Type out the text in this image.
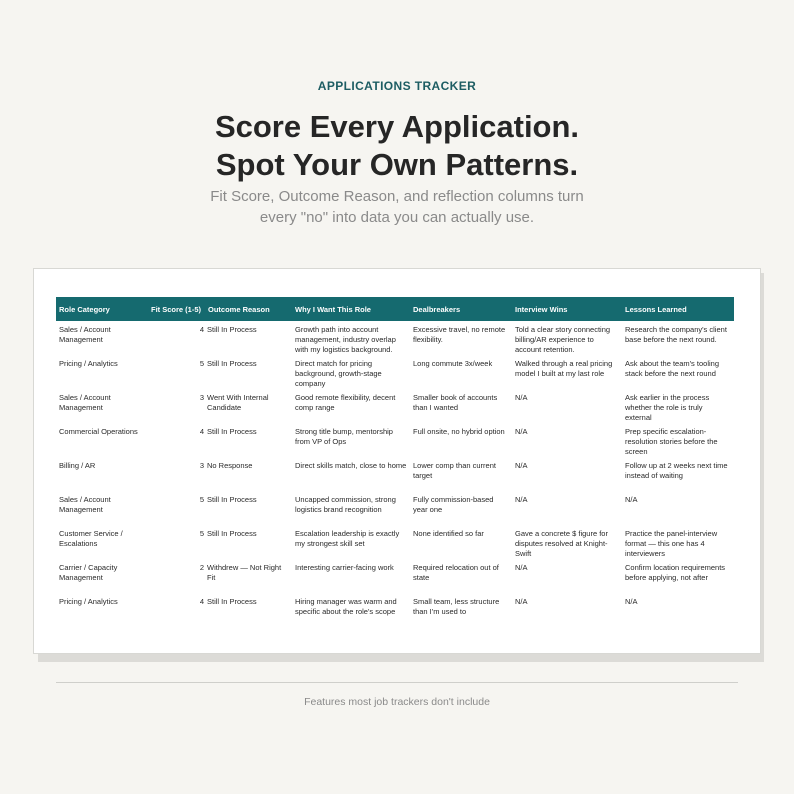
APPLICATIONS TRACKER
Score Every Application.
Spot Your Own Patterns.
Fit Score, Outcome Reason, and reflection columns turn
every "no" into data you can actually use.
Role Category	Fit Score (1-5)	Outcome Reason	Why I Want This Role	Dealbreakers	Interview Wins	Lessons Learned
Sales / Account Management	4	Still In Process	Growth path into account management, industry overlap with my logistics background.	Excessive travel, no remote flexibility.	Told a clear story connecting billing/AR experience to account retention.	Research the company's client base before the next round.
Pricing / Analytics	5	Still In Process	Direct match for pricing background, growth-stage company	Long commute 3x/week	Walked through a real pricing model I built at my last role	Ask about the team's tooling stack before the next round
Sales / Account Management	3	Went With Internal Candidate	Good remote flexibility, decent comp range	Smaller book of accounts than I wanted	N/A	Ask earlier in the process whether the role is truly external
Commercial Operations	4	Still In Process	Strong title bump, mentorship from VP of Ops	Full onsite, no hybrid option	N/A	Prep specific escalation-resolution stories before the screen
Billing / AR	3	No Response	Direct skills match, close to home	Lower comp than current target	N/A	Follow up at 2 weeks next time instead of waiting
Sales / Account Management	5	Still In Process	Uncapped commission, strong logistics brand recognition	Fully commission-based year one	N/A	N/A
Customer Service / Escalations	5	Still In Process	Escalation leadership is exactly my strongest skill set	None identified so far	Gave a concrete $ figure for disputes resolved at Knight-Swift	Practice the panel-interview format — this one has 4 interviewers
Carrier / Capacity Management	2	Withdrew — Not Right Fit	Interesting carrier-facing work	Required relocation out of state	N/A	Confirm location requirements before applying, not after
Pricing / Analytics	4	Still In Process	Hiring manager was warm and specific about the role's scope	Small team, less structure than I'm used to	N/A	N/A
Features most job trackers don't include
